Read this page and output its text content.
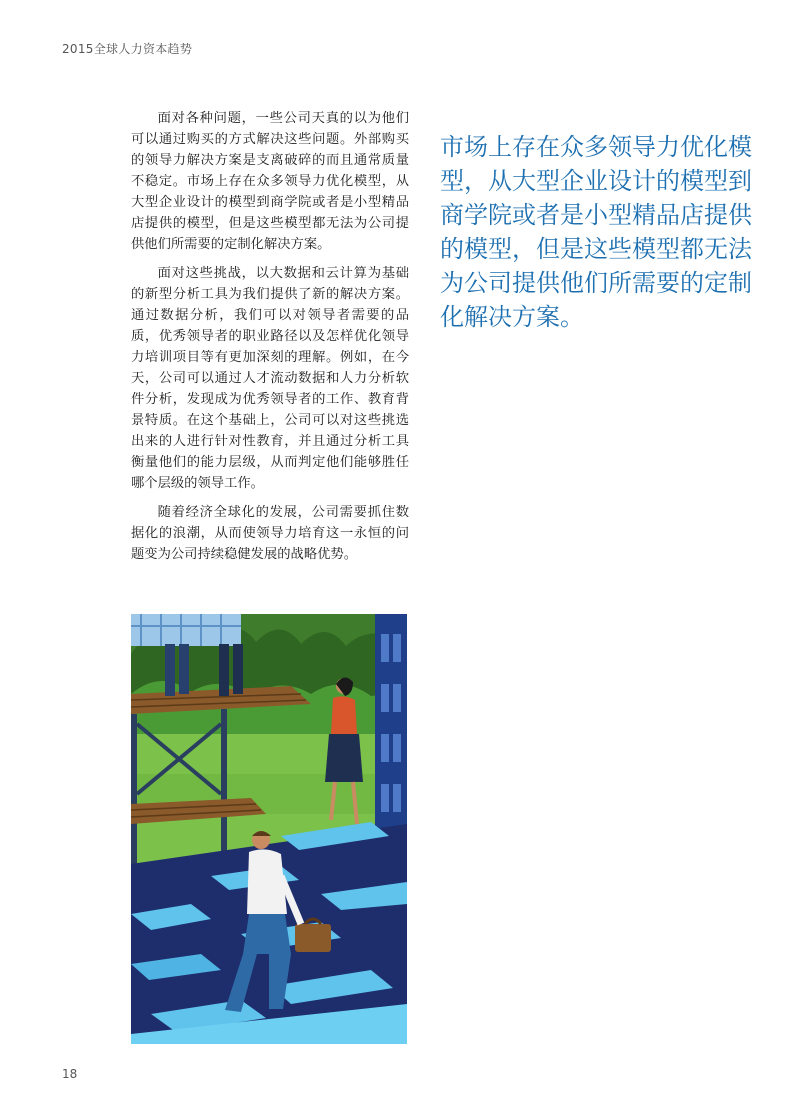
2015全球人力资本趋势

面对各种问题，一些公司天真的以为他们可以通过购买的方式解决这些问题。外部购买的领导力解决方案是支离破碎的而且通常质量不稳定。市场上存在众多领导力优化模型，从大型企业设计的模型到商学院或者是小型精品店提供的模型，但是这些模型都无法为公司提供他们所需要的定制化解决方案。

面对这些挑战，以大数据和云计算为基础的新型分析工具为我们提供了新的解决方案。通过数据分析，我们可以对领导者需要的品质，优秀领导者的职业路径以及怎样优化领导力培训项目等有更加深刻的理解。例如，在今天，公司可以通过人才流动数据和人力分析软件分析，发现成为优秀领导者的工作、教育背景特质。在这个基础上，公司可以对这些挑选出来的人进行针对性教育，并且通过分析工具衡量他们的能力层级，从而判定他们能够胜任哪个层级的领导工作。

随着经济全球化的发展，公司需要抓住数据化的浪潮，从而使领导力培育这一永恒的问题变为公司持续稳健发展的战略优势。

市场上存在众多领导力优化模型，从大型企业设计的模型到商学院或者是小型精品店提供的模型，但是这些模型都无法为公司提供他们所需要的定制化解决方案。
18
